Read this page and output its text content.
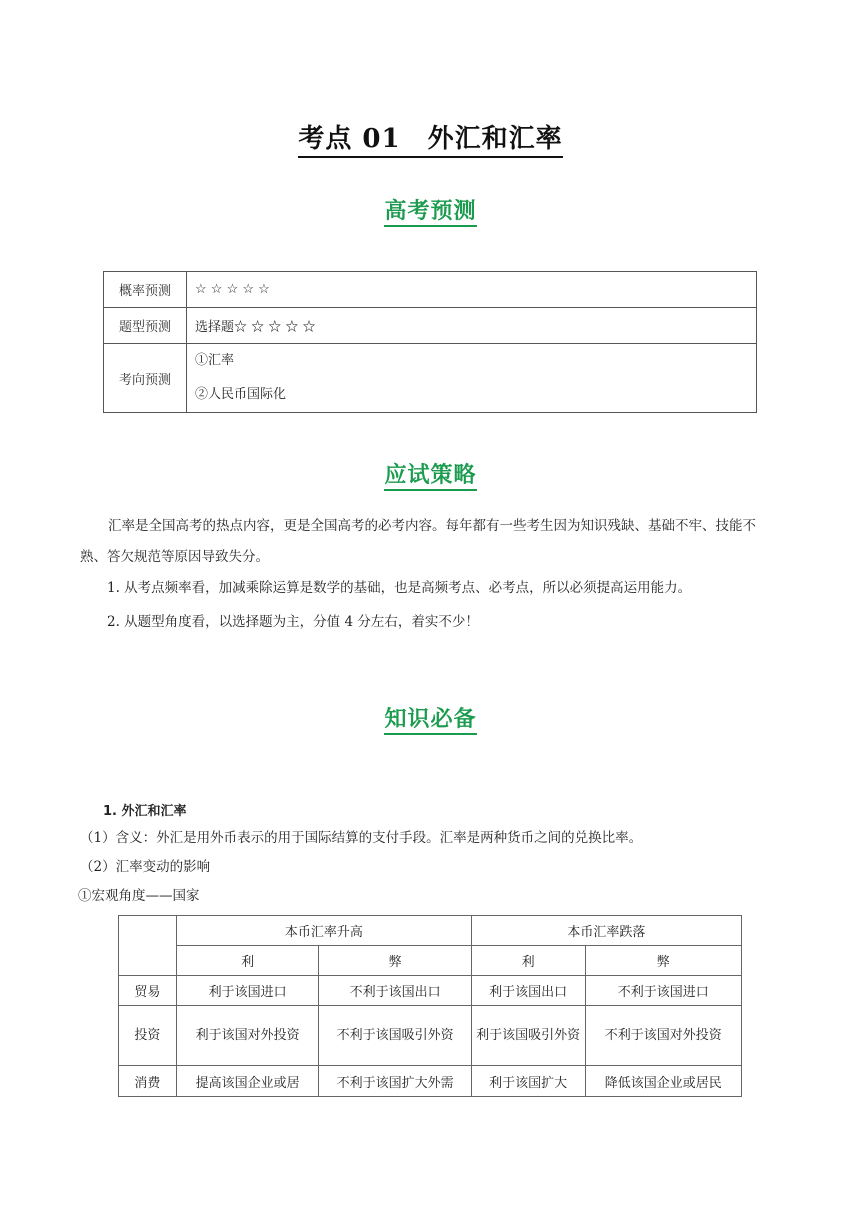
考点 01　外汇和汇率
高考预测
概率预测	☆ ☆ ☆ ☆ ☆
题型预测	选择题☆ ☆ ☆ ☆ ☆
考向预测	①汇率
②人民币国际化
应试策略
汇率是全国高考的热点内容，更是全国高考的必考内容。每年都有一些考生因为知识残缺、基础不牢、技能不熟、答欠规范等原因导致失分。
1. 从考点频率看，加减乘除运算是数学的基础，也是高频考点、必考点，所以必须提高运用能力。
2. 从题型角度看，以选择题为主，分值 4 分左右，着实不少！
知识必备
1. 外汇和汇率
（1）含义：外汇是用外币表示的用于国际结算的支付手段。汇率是两种货币之间的兑换比率。
（2）汇率变动的影响
①宏观角度——国家
	本币汇率升高		本币汇率跌落	
	利	弊	利	弊
贸易	利于该国进口	不利于该国出口	利于该国出口	不利于该国进口
投资	利于该国对外投资	不利于该国吸引外资	利于该国吸引外资	不利于该国对外投资
消费	提高该国企业或居	不利于该国扩大外需	利于该国扩大	降低该国企业或居民
